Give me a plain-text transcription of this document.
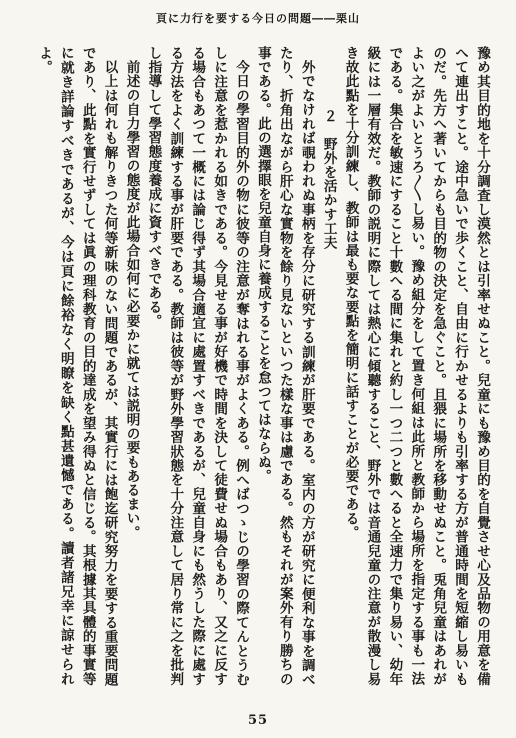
頁に力行を要する今日の問題――栗山

豫め其目的地を十分調査し漠然とは引率せぬこと。兒童にも豫め目的を自覺させ心及品物の用意を備へて連出すこと。途中急いで歩くこと、自由に行かせるよりも引率する方が普通時間を短縮し易いものだ。先方へ著いてからも目的物の決定を急ぐこと。且猥に場所を移動せぬこと。兎角兒童はあれがよい之がよいとうろ〳〵し易い。豫め組分をして置き何組は此所と教師から場所を指定する事も一法である。集合を敏速にすること十數へる間に集れと約し一つ二つと數へると全速力で集り易い、幼年級には一層有效だ。教師の説明に際しては熱心に傾聽すること、野外では音通兒童の注意が散漫し易き故此點を十分訓練し、教師は最も要な要點を簡明に話すことが必要である。

２　野外を活かす工夫

外でなければ覗われぬ事柄を存分に研究する訓練が肝要である。室内の方が研究に便利な事を調べたり、折角出ながら肝心な實物を餘り見ないといつた樣な事は慮である。然もそれが案外有り勝ちの事である。此の選擇眼を兒童自身に養成することを怠つてはならぬ。

今日の學習目的外の物に彼等の注意が奪はれる事がよくある。例へばつゝじの學習の際てんとうむしに注意を惹かれる如きである。今見せる事が好機で時間を決して徒費せぬ場合もあり、又之に反する場合もあつて一概には論じ得ず其場合適宜に處置すべきであるが、兒童自身にも然うした際に處する方法をよく訓練する事が肝要である。教師は彼等が野外學習狀態を十分注意して居り常に之を批判し指導して學習態度養成に資すべきである。

前述の自力學習の態度が此場合如何に必要かに就ては説明の要もあるまい。

以上は何れも解りきつた何等新味のない問題であるが、其實行には飽迄研究努力を要する重要問題であり、此點を實行せずしては眞の理科教育の目的達成を望み得ぬと信じる。其根據其具體的事實等に就き詳論すべきであるが、今は頁に餘裕なく明瞭を缺く點甚遺憾である。讀者諸兄幸に諒せられよ。

55
